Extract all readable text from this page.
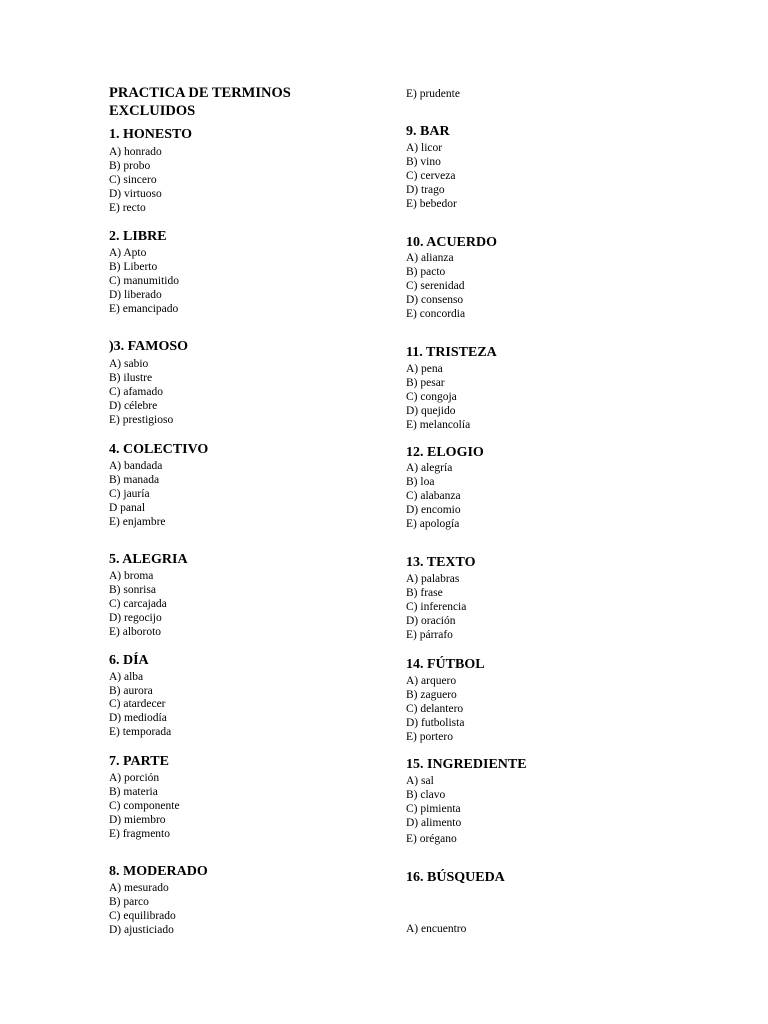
PRACTICA DE TERMINOS
EXCLUIDOS
1. HONESTO
A) honrado
B) probo
C) sincero
D) virtuoso
E) recto
2. LIBRE
A) Apto
B) Liberto
C) manumitido
D) liberado
E) emancipado
)3. FAMOSO
A) sabio
B) ilustre
C) afamado
D) célebre
E) prestigioso
4. COLECTIVO
A) bandada
B) manada
C) jauría
D panal
E) enjambre
5. ALEGRIA
A) broma
B) sonrisa
C) carcajada
D) regocijo
E) alboroto
6. DÍA
A) alba
B) aurora
C) atardecer
D) mediodía
E) temporada
7. PARTE
A) porción
B) materia
C) componente
D) miembro
E) fragmento
8. MODERADO
A) mesurado
B) parco
C) equilibrado
D) ajusticiado
E) prudente
9. BAR
A) licor
B) vino
C) cerveza
D) trago
E) bebedor
10. ACUERDO
A) alianza
B) pacto
C) serenidad
D) consenso
E) concordia
11. TRISTEZA
A) pena
B) pesar
C) congoja
D) quejido
E) melancolía
12. ELOGIO
A) alegría
B) loa
C) alabanza
D) encomio
E) apología
13. TEXTO
A) palabras
B) frase
C) inferencia
D) oración
E) párrafo
14. FÚTBOL
A) arquero
B) zaguero
C) delantero
D) futbolista
E) portero
15. INGREDIENTE
A) sal
B) clavo
C) pimienta
D) alimento
E) orégano
16. BÚSQUEDA
A) encuentro
